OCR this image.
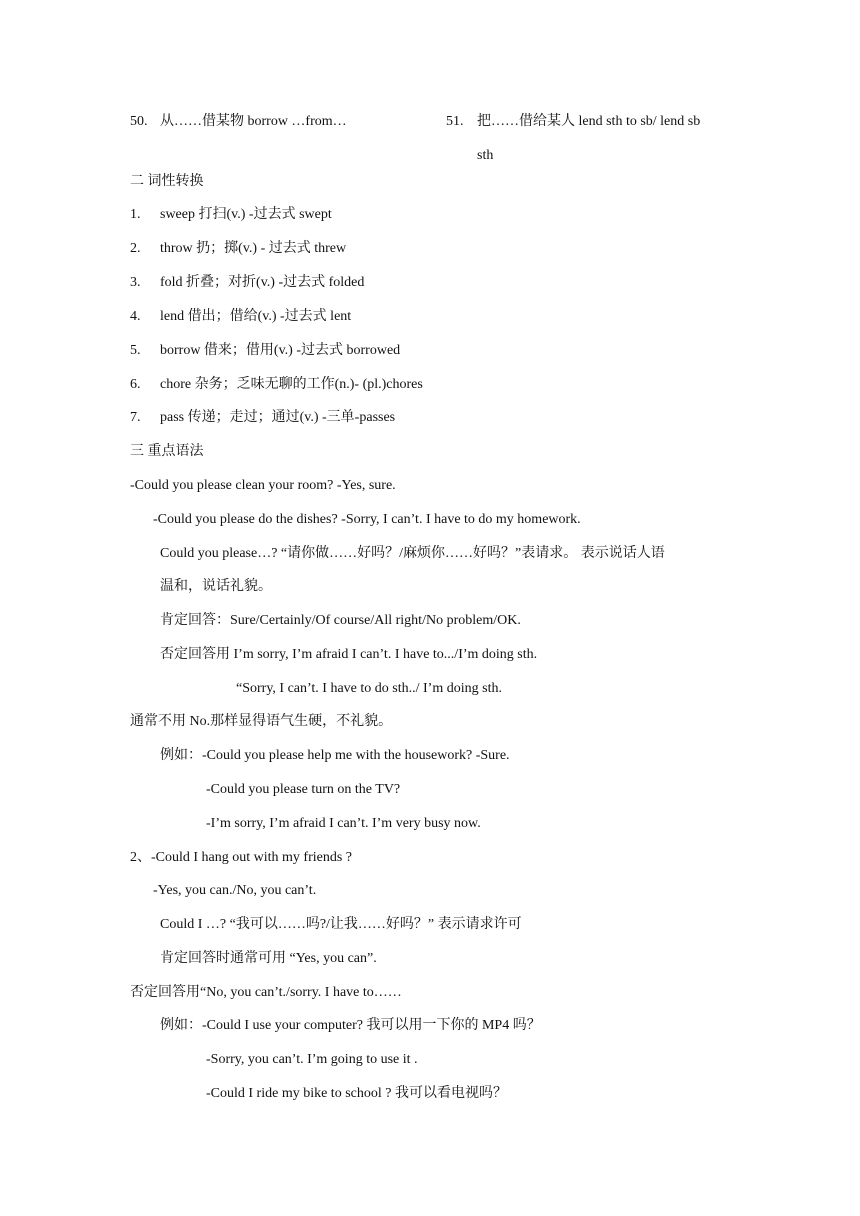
50. 从……借某物 borrow …from…	51. 把……借给某人 lend sth to sb/ lend sb
sth
二 词性转换
1. sweep 打扫(v.) -过去式 swept
2. throw 扔；掷(v.) - 过去式 threw
3. fold 折叠；对折(v.) -过去式 folded
4. lend 借出；借给(v.) -过去式 lent
5. borrow 借来；借用(v.) -过去式 borrowed
6. chore 杂务；乏味无聊的工作(n.)- (pl.)chores
7. pass 传递；走过；通过(v.) -三单-passes
三 重点语法
-Could you please clean your room? -Yes, sure.
-Could you please do the dishes? -Sorry, I can’t. I have to do my homework.
Could you please…? “请你做……好吗？/麻烦你……好吗？”表请求。 表示说话人语
温和，说话礼貌。
肯定回答：Sure/Certainly/Of course/All right/No problem/OK.
否定回答用 I’m sorry, I’m afraid I can’t. I have to.../I’m doing sth.
“Sorry, I can’t. I have to do sth../ I’m doing sth.
通常不用 No.那样显得语气生硬，不礼貌。
例如：-Could you please help me with the housework? -Sure.
-Could you please turn on the TV?
-I’m sorry, I’m afraid I can’t. I’m very busy now.
2、-Could I hang out with my friends ?
-Yes, you can./No, you can’t.
Could I …? “我可以……吗?/让我……好吗？” 表示请求许可
肯定回答时通常可用 “Yes, you can”.
否定回答用“No, you can’t./sorry. I have to……
例如：-Could I use your computer? 我可以用一下你的 MP4 吗？
-Sorry, you can’t. I’m going to use it .
-Could I ride my bike to school ? 我可以看电视吗？
